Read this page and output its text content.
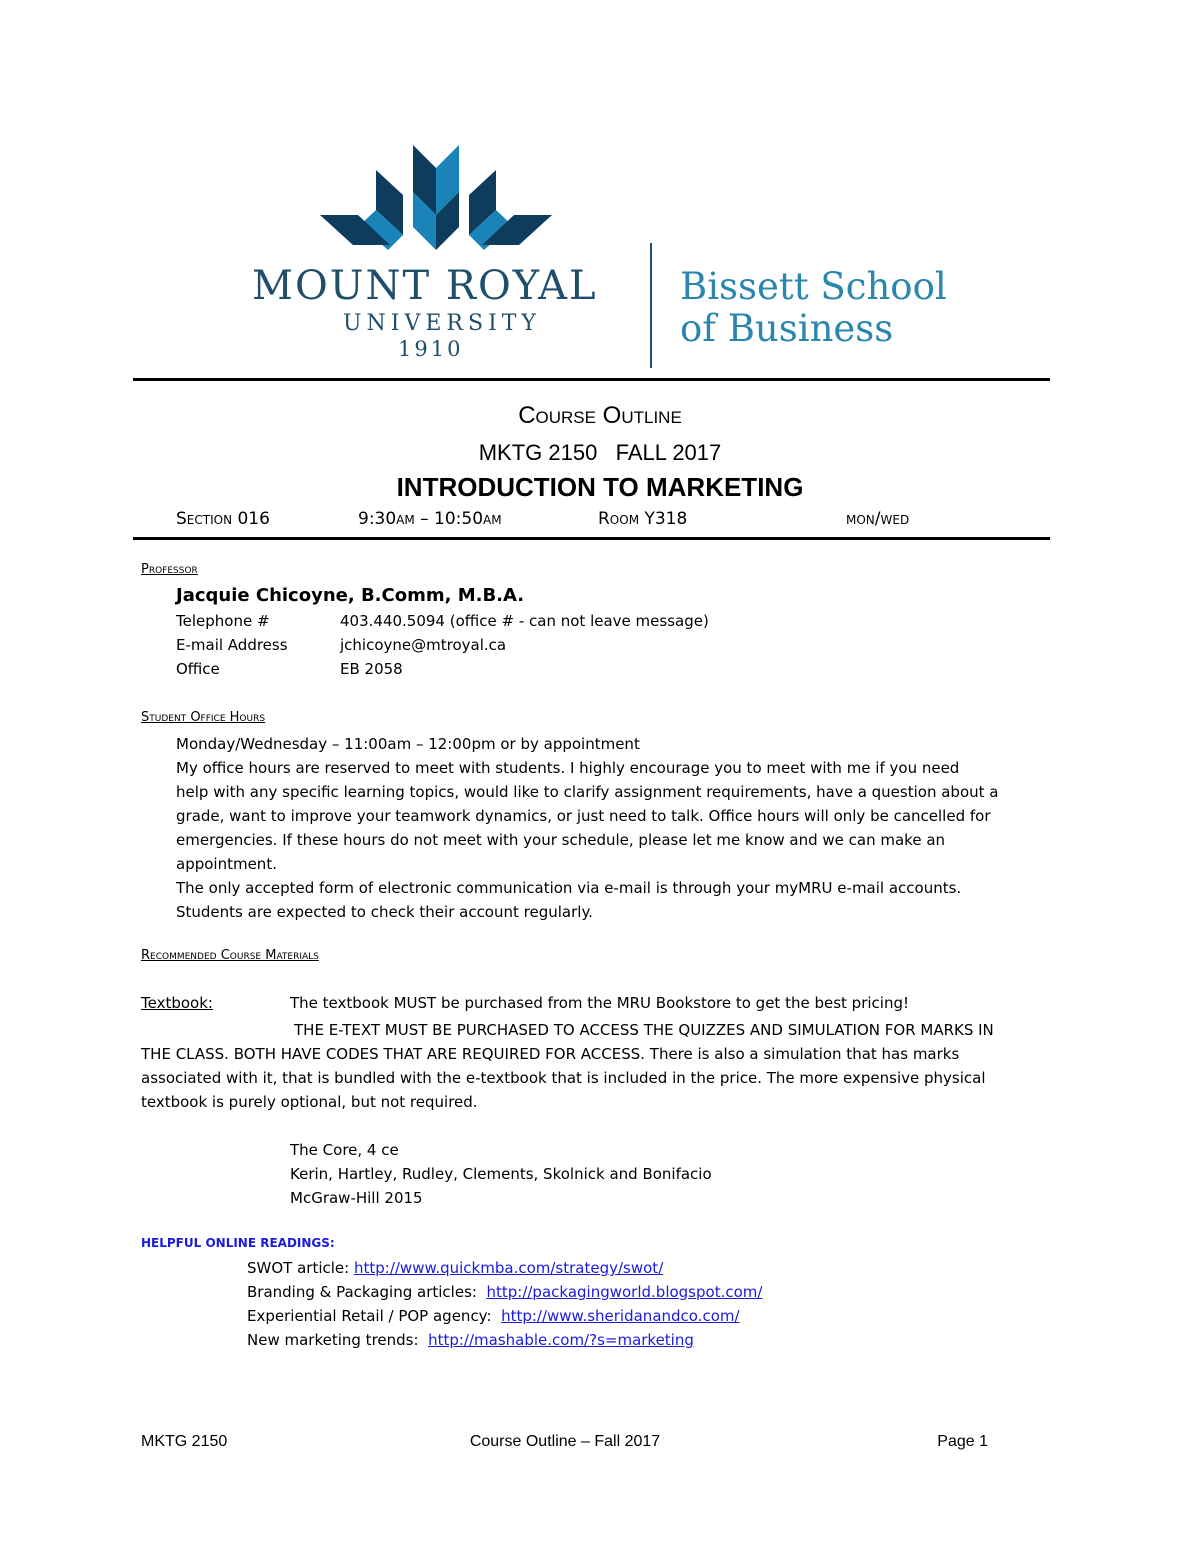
MOUNT ROYAL
UNIVERSITY
1910
Bissett School
of Business
Course Outline
MKTG 2150   FALL 2017
INTRODUCTION TO MARKETING
Section 016	9:30am – 10:50am	Room Y318	mon/wed
Professor
Jacquie Chicoyne, B.Comm, M.B.A.
Telephone #	403.440.5094 (office # - can not leave message)
E-mail Address	jchicoyne@mtroyal.ca
Office	EB 2058
Student Office Hours
Monday/Wednesday – 11:00am – 12:00pm or by appointment
My office hours are reserved to meet with students. I highly encourage you to meet with me if you need
help with any specific learning topics, would like to clarify assignment requirements, have a question about a
grade, want to improve your teamwork dynamics, or just need to talk. Office hours will only be cancelled for
emergencies. If these hours do not meet with your schedule, please let me know and we can make an
appointment.
The only accepted form of electronic communication via e-mail is through your myMRU e-mail accounts.
Students are expected to check their account regularly.
Recommended Course Materials
Textbook:	The textbook MUST be purchased from the MRU Bookstore to get the best pricing!
THE E-TEXT MUST BE PURCHASED TO ACCESS THE QUIZZES AND SIMULATION FOR MARKS IN
THE CLASS. BOTH HAVE CODES THAT ARE REQUIRED FOR ACCESS. There is also a simulation that has marks
associated with it, that is bundled with the e-textbook that is included in the price. The more expensive physical
textbook is purely optional, but not required.
The Core, 4 ce
Kerin, Hartley, Rudley, Clements, Skolnick and Bonifacio
McGraw-Hill 2015
HELPFUL ONLINE READINGS:
SWOT article: http://www.quickmba.com/strategy/swot/
Branding & Packaging articles:  http://packagingworld.blogspot.com/
Experiential Retail / POP agency:  http://www.sheridanandco.com/
New marketing trends:  http://mashable.com/?s=marketing
MKTG 2150	Course Outline – Fall 2017	Page 1
